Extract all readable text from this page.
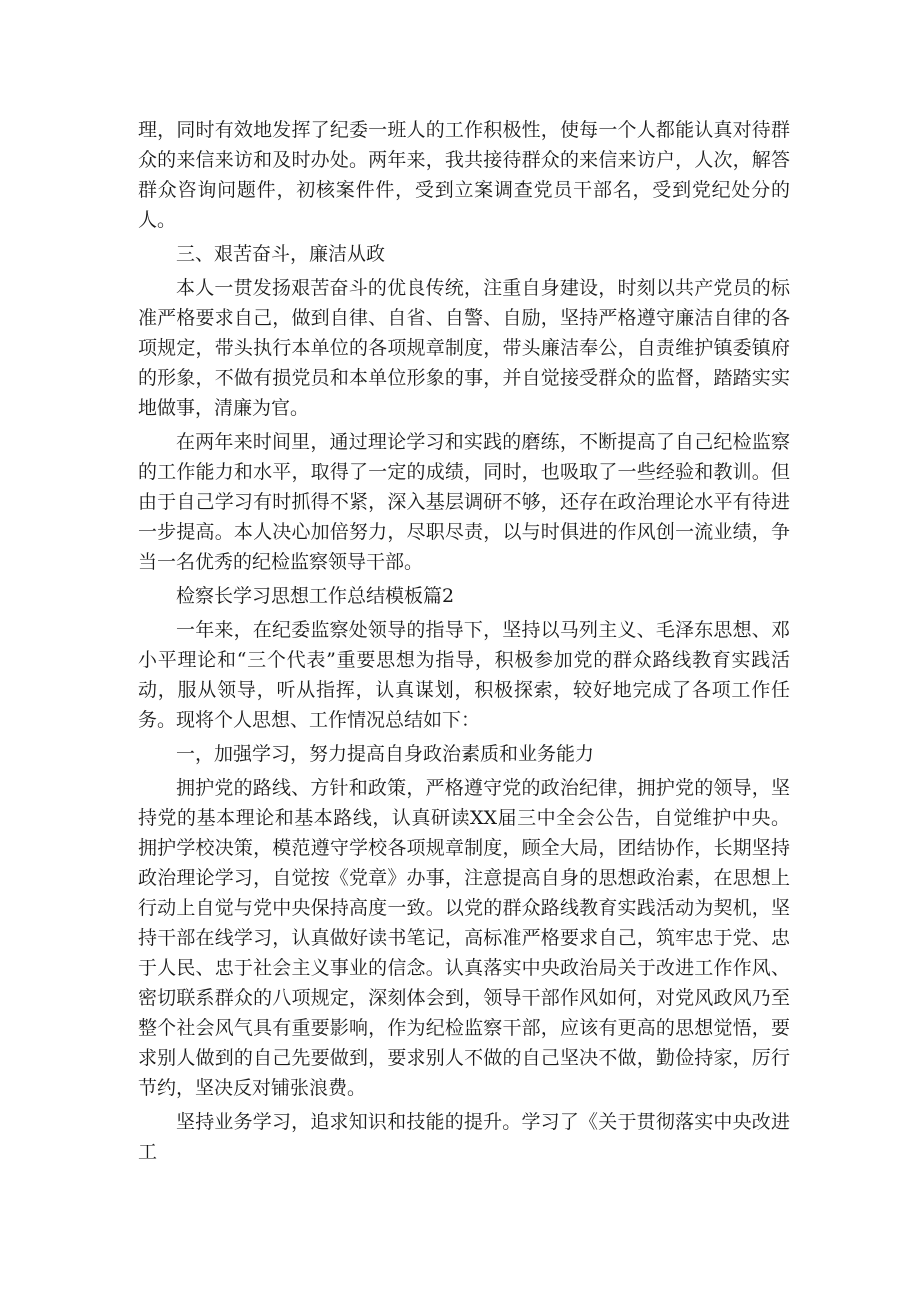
理，同时有效地发挥了纪委一班人的工作积极性，使每一个人都能认真对待群众的来信来访和及时办处。两年来，我共接待群众的来信来访户，人次，解答群众咨询问题件，初核案件件，受到立案调查党员干部名，受到党纪处分的人。

三、艰苦奋斗，廉洁从政

本人一贯发扬艰苦奋斗的优良传统，注重自身建设，时刻以共产党员的标准严格要求自己，做到自律、自省、自警、自励，坚持严格遵守廉洁自律的各项规定，带头执行本单位的各项规章制度，带头廉洁奉公，自责维护镇委镇府的形象，不做有损党员和本单位形象的事，并自觉接受群众的监督，踏踏实实地做事，清廉为官。

在两年来时间里，通过理论学习和实践的磨练，不断提高了自己纪检监察的工作能力和水平，取得了一定的成绩，同时，也吸取了一些经验和教训。但由于自己学习有时抓得不紧，深入基层调研不够，还存在政治理论水平有待进一步提高。本人决心加倍努力，尽职尽责，以与时俱进的作风创一流业绩，争当一名优秀的纪检监察领导干部。

检察长学习思想工作总结模板篇2

一年来，在纪委监察处领导的指导下，坚持以马列主义、毛泽东思想、邓小平理论和“三个代表”重要思想为指导，积极参加党的群众路线教育实践活动，服从领导，听从指挥，认真谋划，积极探索，较好地完成了各项工作任务。现将个人思想、工作情况总结如下：

一，加强学习，努力提高自身政治素质和业务能力

拥护党的路线、方针和政策，严格遵守党的政治纪律，拥护党的领导，坚持党的基本理论和基本路线，认真研读XX届三中全会公告，自觉维护中央。拥护学校决策，模范遵守学校各项规章制度，顾全大局，团结协作，长期坚持政治理论学习，自觉按《党章》办事，注意提高自身的思想政治素，在思想上行动上自觉与党中央保持高度一致。以党的群众路线教育实践活动为契机，坚持干部在线学习，认真做好读书笔记，高标准严格要求自己，筑牢忠于党、忠于人民、忠于社会主义事业的信念。认真落实中央政治局关于改进工作作风、密切联系群众的八项规定，深刻体会到，领导干部作风如何，对党风政风乃至整个社会风气具有重要影响，作为纪检监察干部，应该有更高的思想觉悟，要求别人做到的自己先要做到，要求别人不做的自己坚决不做，勤俭持家，厉行节约，坚决反对铺张浪费。

坚持业务学习，追求知识和技能的提升。学习了《关于贯彻落实中央改进工
